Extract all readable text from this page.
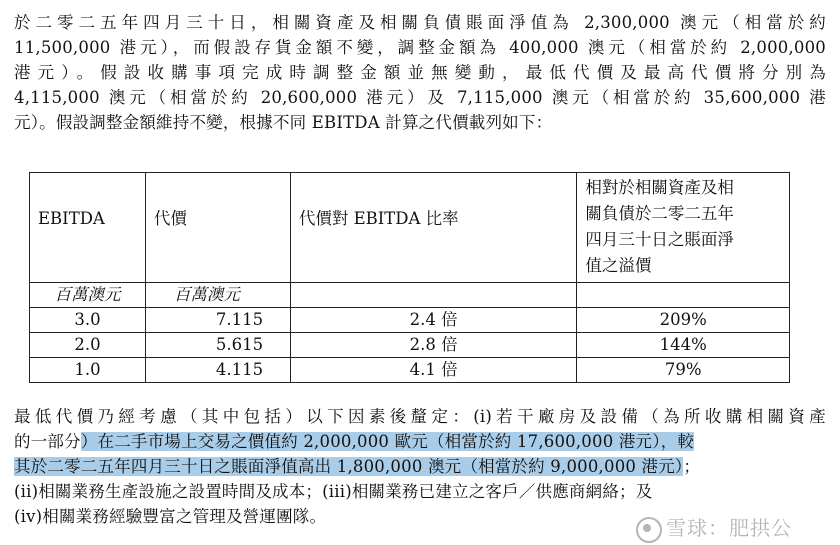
於二零二五年四月三十日，相關資產及相關負債賬面淨值為 2,300,000 澳元（相當於約
11,500,000 港元），而假設存貨金額不變，調整金額為 400,000 澳元（相當於約 2,000,000
港元）。假設收購事項完成時調整金額並無變動，最低代價及最高代價將分別為
4,115,000 澳元（相當於約 20,600,000 港元）及 7,115,000 澳元（相當於約 35,600,000 港
元）。假設調整金額維持不變，根據不同 EBITDA 計算之代價載列如下：
EBITDA	代價	代價對 EBITDA 比率	相對於相關資產及相
關負債於二零二五年
四月三十日之賬面淨
值之溢價

百萬澳元	百萬澳元		
3.0	7.115	2.4 倍	209%
2.0	5.615	2.8 倍	144%
1.0	4.115	4.1 倍	79%
最低代價乃經考慮（其中包括）以下因素後釐定：(i)若干廠房及設備（為所收購相關資產
的一部分）在二手市場上交易之價值約 2,000,000 歐元（相當於約 17,600,000 港元），較
其於二零二五年四月三十日之賬面淨值高出 1,800,000 澳元（相當於約 9,000,000 港元）；
(ii)相關業務生產設施之設置時間及成本；(iii)相關業務已建立之客戶／供應商網絡；及
(iv)相關業務經驗豐富之管理及營運團隊。	雪球：肥拱公
